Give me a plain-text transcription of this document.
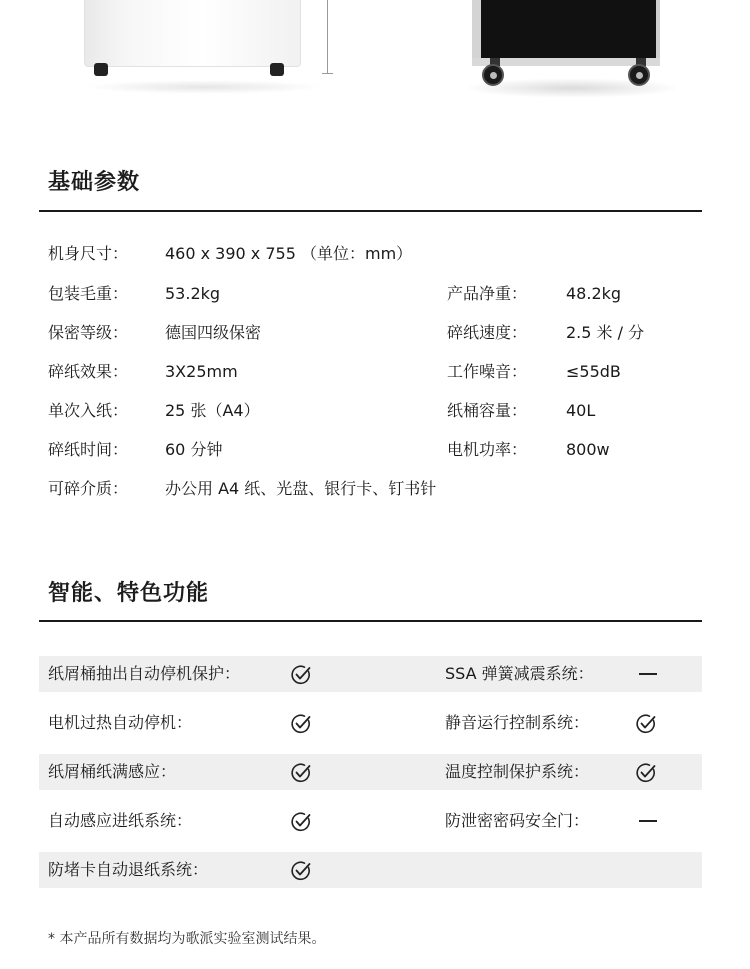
基础参数
机身尺寸： 460 x 390 x 755 （单位：mm）
包装毛重： 53.2kg	产品净重： 48.2kg
保密等级： 德国四级保密	碎纸速度： 2.5 米 / 分
碎纸效果： 3X25mm	工作噪音： ≤55dB
单次入纸： 25 张（A4）	纸桶容量： 40L
碎纸时间： 60 分钟	电机功率： 800w
可碎介质： 办公用 A4 纸、光盘、银行卡、钉书针
智能、特色功能
纸屑桶抽出自动停机保护：	SSA 弹簧减震系统：
电机过热自动停机：	静音运行控制系统：
纸屑桶纸满感应：	温度控制保护系统：
自动感应进纸系统：	防泄密密码安全门：
防堵卡自动退纸系统：
* 本产品所有数据均为歌派实验室测试结果。
